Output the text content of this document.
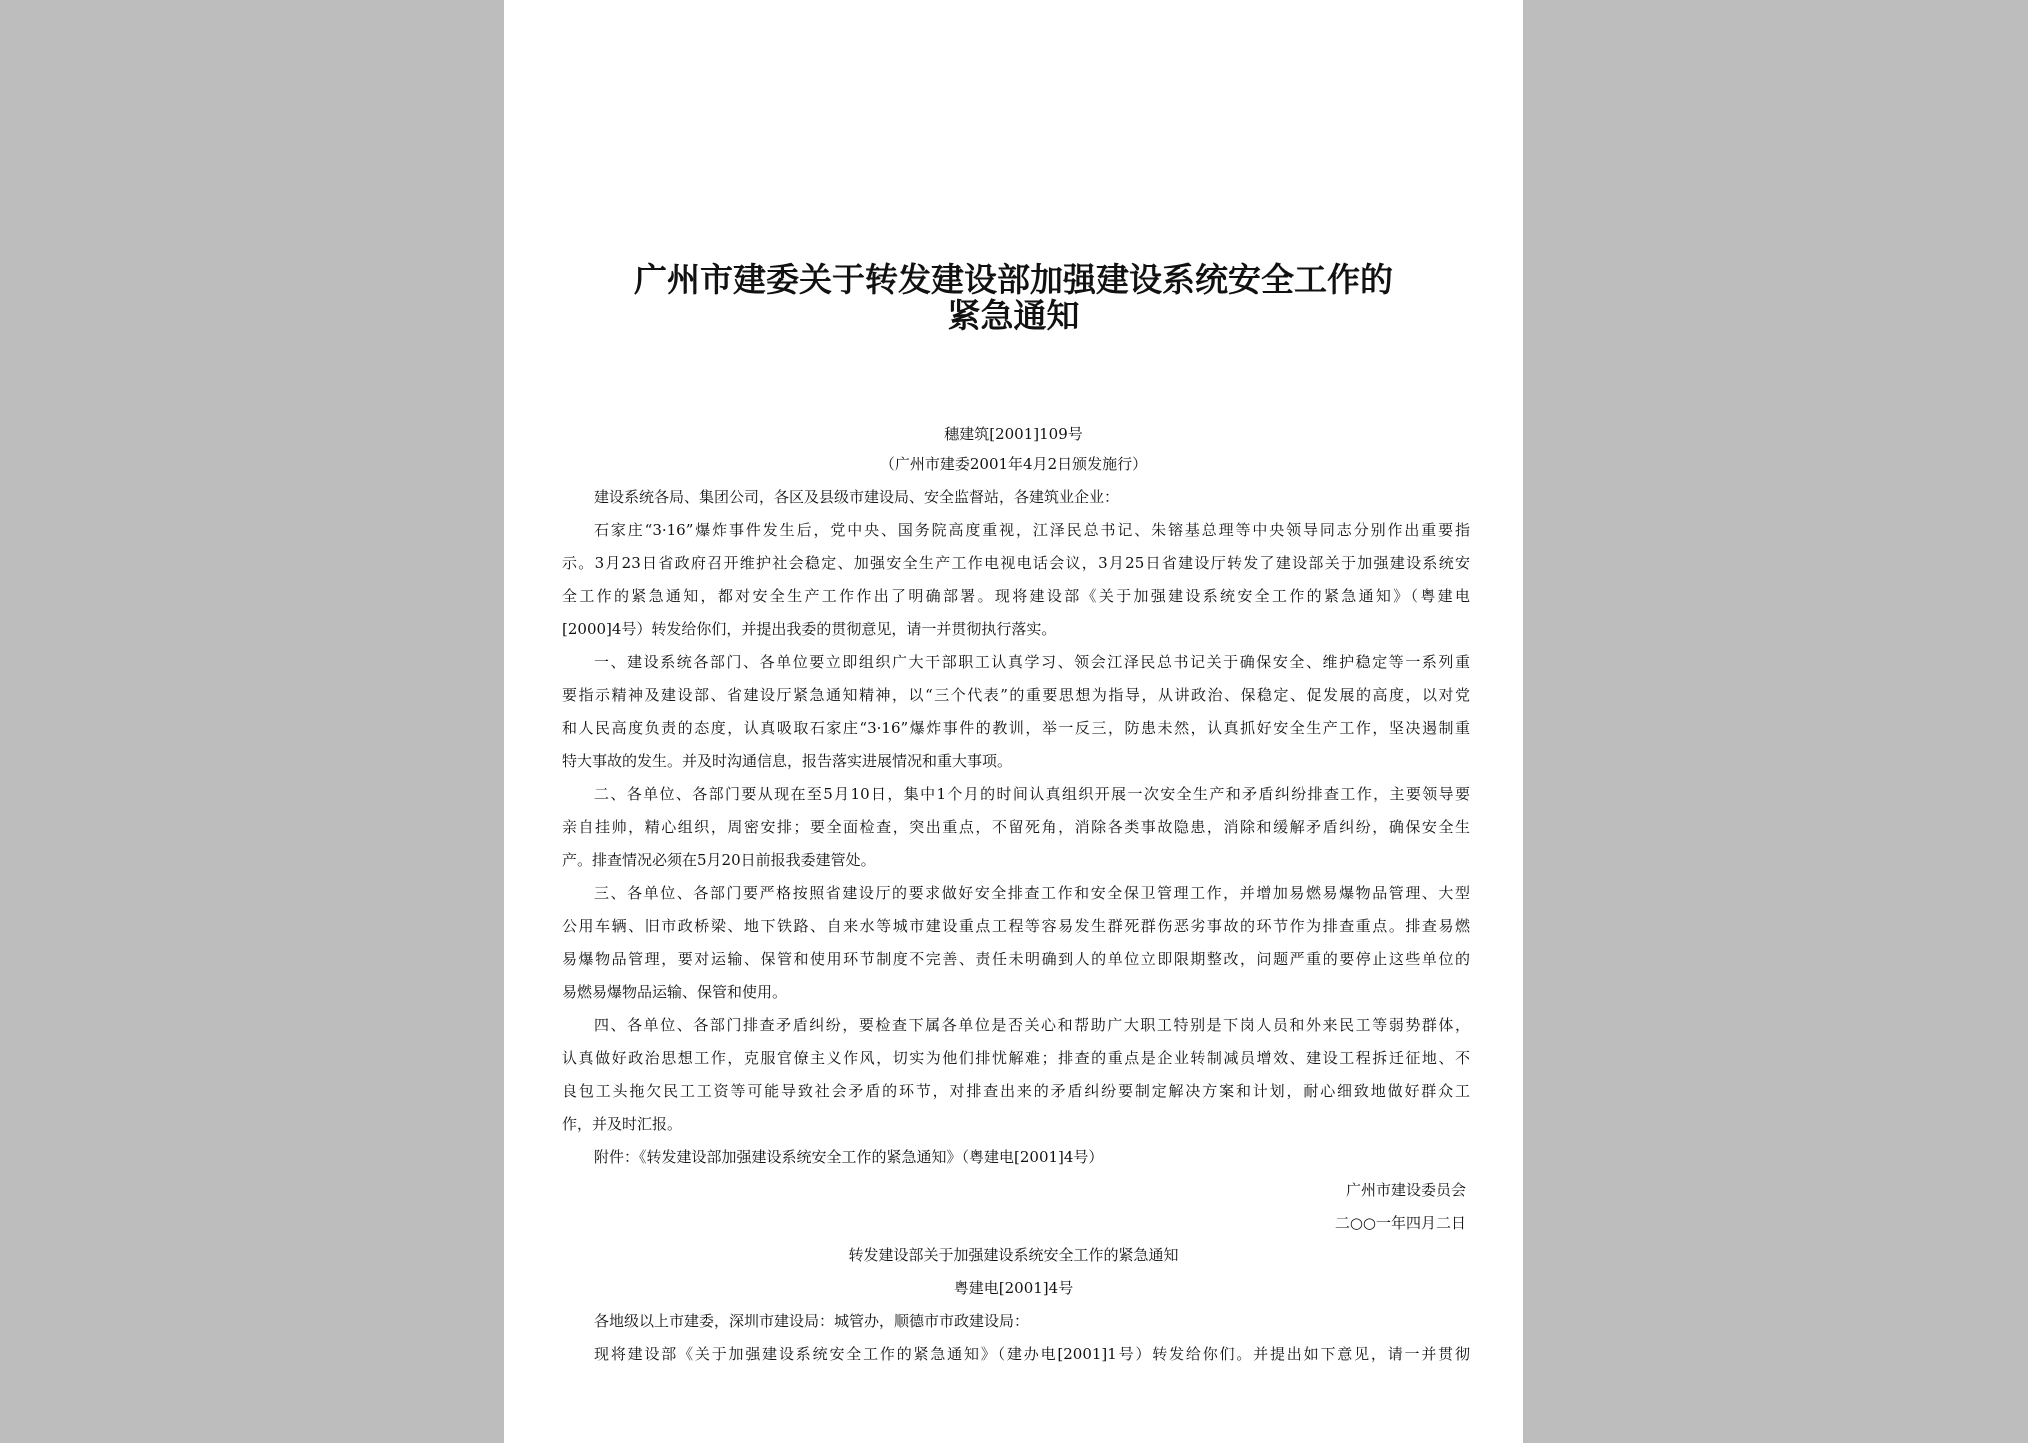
广州市建委关于转发建设部加强建设系统安全工作的
紧急通知
穗建筑[2001]109号
（广州市建委2001年4月2日颁发施行）
建设系统各局、集团公司，各区及县级市建设局、安全监督站，各建筑业企业：
石家庄“3·16”爆炸事件发生后，党中央、国务院高度重视，江泽民总书记、朱镕基总理等中央领导同志分别作出重要指
示。3月23日省政府召开维护社会稳定、加强安全生产工作电视电话会议，3月25日省建设厅转发了建设部关于加强建设系统安
全工作的紧急通知，都对安全生产工作作出了明确部署。现将建设部《关于加强建设系统安全工作的紧急通知》（粤建电
[2000]4号）转发给你们，并提出我委的贯彻意见，请一并贯彻执行落实。
一、建设系统各部门、各单位要立即组织广大干部职工认真学习、领会江泽民总书记关于确保安全、维护稳定等一系列重
要指示精神及建设部、省建设厅紧急通知精神，以“三个代表”的重要思想为指导，从讲政治、保稳定、促发展的高度，以对党
和人民高度负责的态度，认真吸取石家庄“3·16”爆炸事件的教训，举一反三，防患未然，认真抓好安全生产工作，坚决遏制重
特大事故的发生。并及时沟通信息，报告落实进展情况和重大事项。
二、各单位、各部门要从现在至5月10日，集中1个月的时间认真组织开展一次安全生产和矛盾纠纷排查工作，主要领导要
亲自挂帅，精心组织，周密安排；要全面检查，突出重点，不留死角，消除各类事故隐患，消除和缓解矛盾纠纷，确保安全生
产。排查情况必须在5月20日前报我委建管处。
三、各单位、各部门要严格按照省建设厅的要求做好安全排查工作和安全保卫管理工作，并增加易燃易爆物品管理、大型
公用车辆、旧市政桥梁、地下铁路、自来水等城市建设重点工程等容易发生群死群伤恶劣事故的环节作为排查重点。排查易燃
易爆物品管理，要对运输、保管和使用环节制度不完善、责任未明确到人的单位立即限期整改，问题严重的要停止这些单位的
易燃易爆物品运输、保管和使用。
四、各单位、各部门排查矛盾纠纷，要检查下属各单位是否关心和帮助广大职工特别是下岗人员和外来民工等弱势群体，
认真做好政治思想工作，克服官僚主义作风，切实为他们排忧解难；排查的重点是企业转制减员增效、建设工程拆迁征地、不
良包工头拖欠民工工资等可能导致社会矛盾的环节，对排查出来的矛盾纠纷要制定解决方案和计划，耐心细致地做好群众工
作，并及时汇报。
附件：《转发建设部加强建设系统安全工作的紧急通知》（粤建电[2001]4号）
广州市建设委员会
二○○一年四月二日
转发建设部关于加强建设系统安全工作的紧急通知
粤建电[2001]4号
各地级以上市建委，深圳市建设局：城管办，顺德市市政建设局：
现将建设部《关于加强建设系统安全工作的紧急通知》（建办电[2001]1号）转发给你们。并提出如下意见，请一并贯彻
